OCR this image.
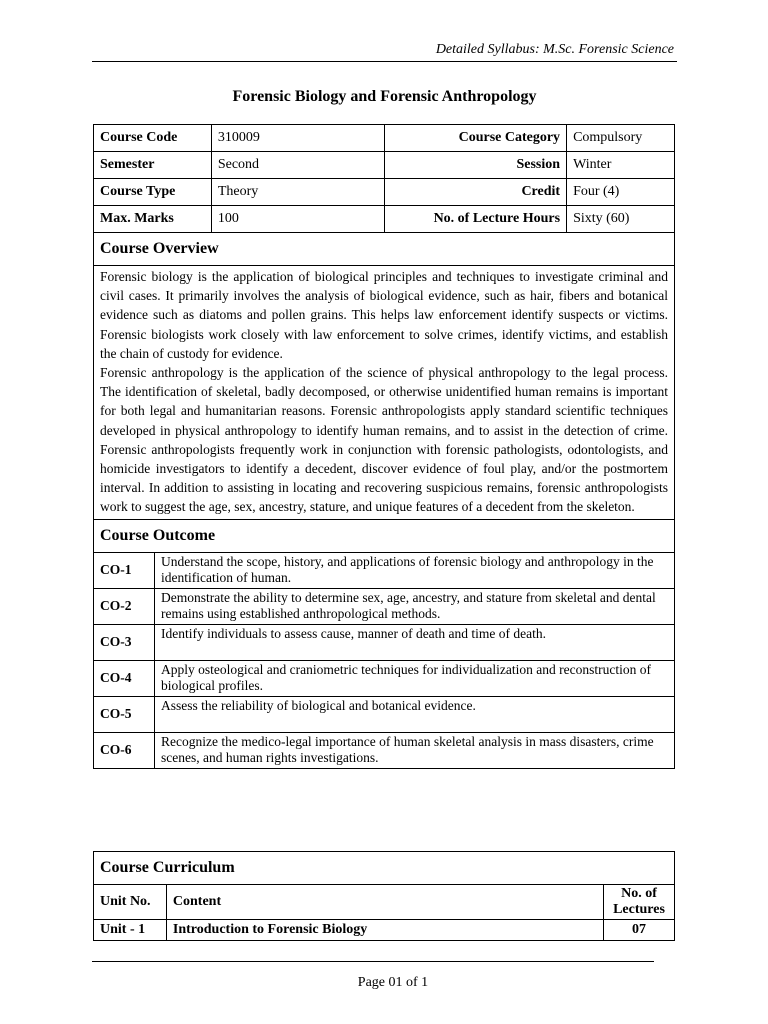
Detailed Syllabus: M.Sc. Forensic Science
Forensic Biology and Forensic Anthropology
Course Code	310009	Course Category	Compulsory
Semester	Second	Session	Winter
Course Type	Theory	Credit	Four (4)
Max. Marks	100	No. of Lecture Hours	Sixty (60)
Course Overview

Forensic biology is the application of biological principles and techniques to investigate criminal and civil cases. It primarily involves the analysis of biological evidence, such as hair, fibers and botanical evidence such as diatoms and pollen grains. This helps law enforcement identify suspects or victims. Forensic biologists work closely with law enforcement to solve crimes, identify victims, and establish the chain of custody for evidence.

Forensic anthropology is the application of the science of physical anthropology to the legal process. The identification of skeletal, badly decomposed, or otherwise unidentified human remains is important for both legal and humanitarian reasons. Forensic anthropologists apply standard scientific techniques developed in physical anthropology to identify human remains, and to assist in the detection of crime. Forensic anthropologists frequently work in conjunction with forensic pathologists, odontologists, and homicide investigators to identify a decedent, discover evidence of foul play, and/or the postmortem interval. In addition to assisting in locating and recovering suspicious remains, forensic anthropologists work to suggest the age, sex, ancestry, stature, and unique features of a decedent from the skeleton.

Course Outcome

CO-1	Understand the scope, history, and applications of forensic biology and anthropology in the identification of human.
CO-2	Demonstrate the ability to determine sex, age, ancestry, and stature from skeletal and dental remains using established anthropological methods.
CO-3	Identify individuals to assess cause, manner of death and time of death.
CO-4	Apply osteological and craniometric techniques for individualization and reconstruction of biological profiles.
CO-5	Assess the reliability of biological and botanical evidence.
CO-6	Recognize the medico-legal importance of human skeletal analysis in mass disasters, crime scenes, and human rights investigations.
Course Curriculum		
Unit No.	Content	No. of Lectures
Unit - 1	Introduction to Forensic Biology	07
Page 01 of 1
